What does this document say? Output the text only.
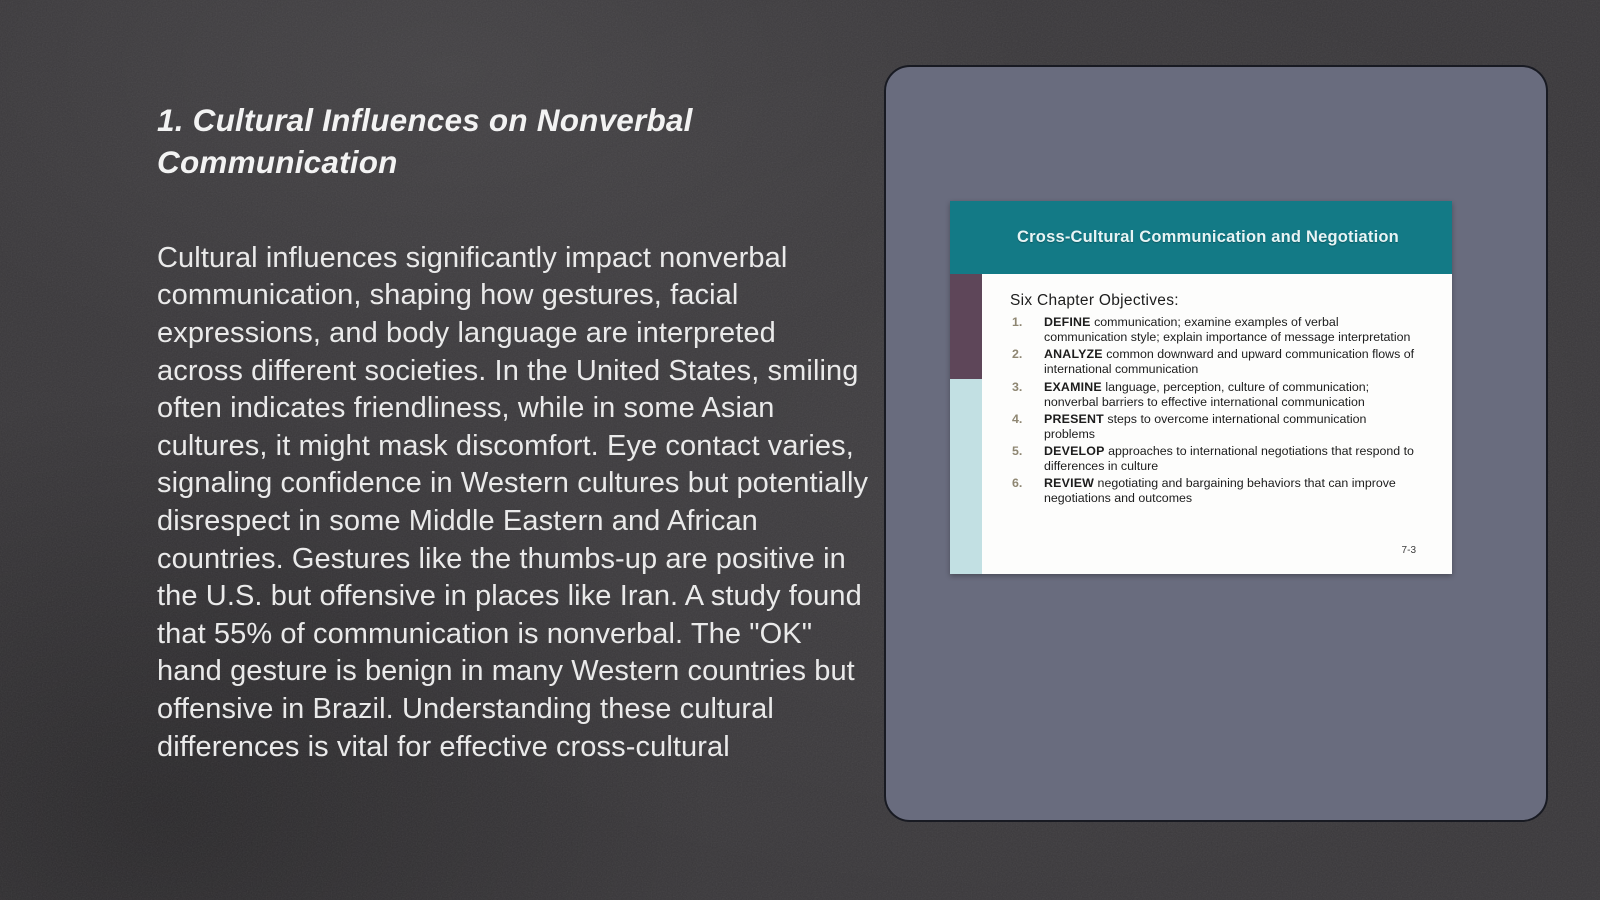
1. Cultural Influences on Nonverbal Communication

Cultural influences significantly impact nonverbal communication, shaping how gestures, facial expressions, and body language are interpreted across different societies. In the United States, smiling often indicates friendliness, while in some Asian cultures, it might mask discomfort. Eye contact varies, signaling confidence in Western cultures but potentially disrespect in some Middle Eastern and African countries. Gestures like the thumbs-up are positive in the U.S. but offensive in places like Iran. A study found that 55% of communication is nonverbal. The "OK" hand gesture is benign in many Western countries but offensive in Brazil. Understanding these cultural differences is vital for effective cross-cultural

Cross-Cultural Communication and Negotiation
Six Chapter Objectives:
1.	DEFINE communication; examine examples of verbal communication style; explain importance of message interpretation
2.	ANALYZE common downward and upward communication flows of international communication
3.	EXAMINE language, perception, culture of communication; nonverbal barriers to effective international communication
4.	PRESENT steps to overcome international communication problems
5.	DEVELOP approaches to international negotiations that respond to differences in culture
6.	REVIEW negotiating and bargaining behaviors that can improve negotiations and outcomes
7-3
